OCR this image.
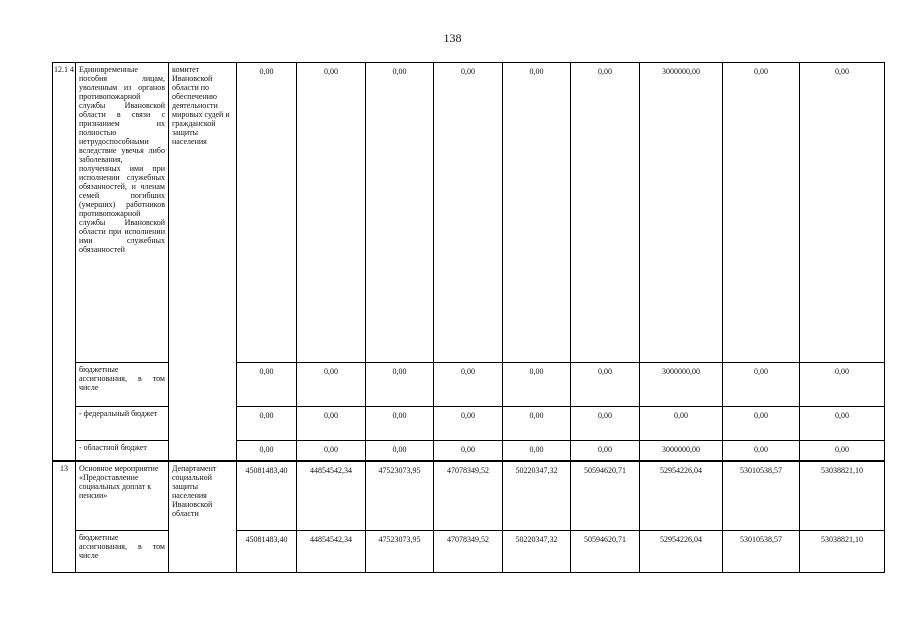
138
12.1 4	Единовременные пособия лицам, уволенным из органов противопожарной службы Ивановской области в связи с признанием их полностью нетрудоспособными вследствие увечья либо заболевания, полученных ими при исполнении служебных обязанностей, и членам семей погибших (умерших) работников противопожарной службы Ивановской области при исполнении ими служебных обязанностей	комитет Ивановской области по обеспечению деятельности мировых судей и гражданской защиты населения	0,00	0,00	0,00	0,00	0,00	0,00	3000000,00	0,00	0,00
	бюджетные ассигнования, в том числе		0,00	0,00	0,00	0,00	0,00	0,00	3000000,00	0,00	0,00
	- федеральный бюджет		0,00	0,00	0,00	0,00	0,00	0,00	0,00	0,00	0,00
	- областной бюджет		0,00	0,00	0,00	0,00	0,00	0,00	3000000,00	0,00	0,00
13	Основное мероприятие «Предоставление социальных доплат к пенсии»	Департамент социальной защиты населения Ивановской области	45081483,40	44854542,34	47523073,95	47078349,52	50220347,32	50594620,71	52954226,04	53010538,57	53038821,10
	бюджетные ассигнования, в том числе		45081483,40	44854542,34	47523073,95	47078349,52	50220347,32	50594620,71	52954226,04	53010538,57	53038821,10
